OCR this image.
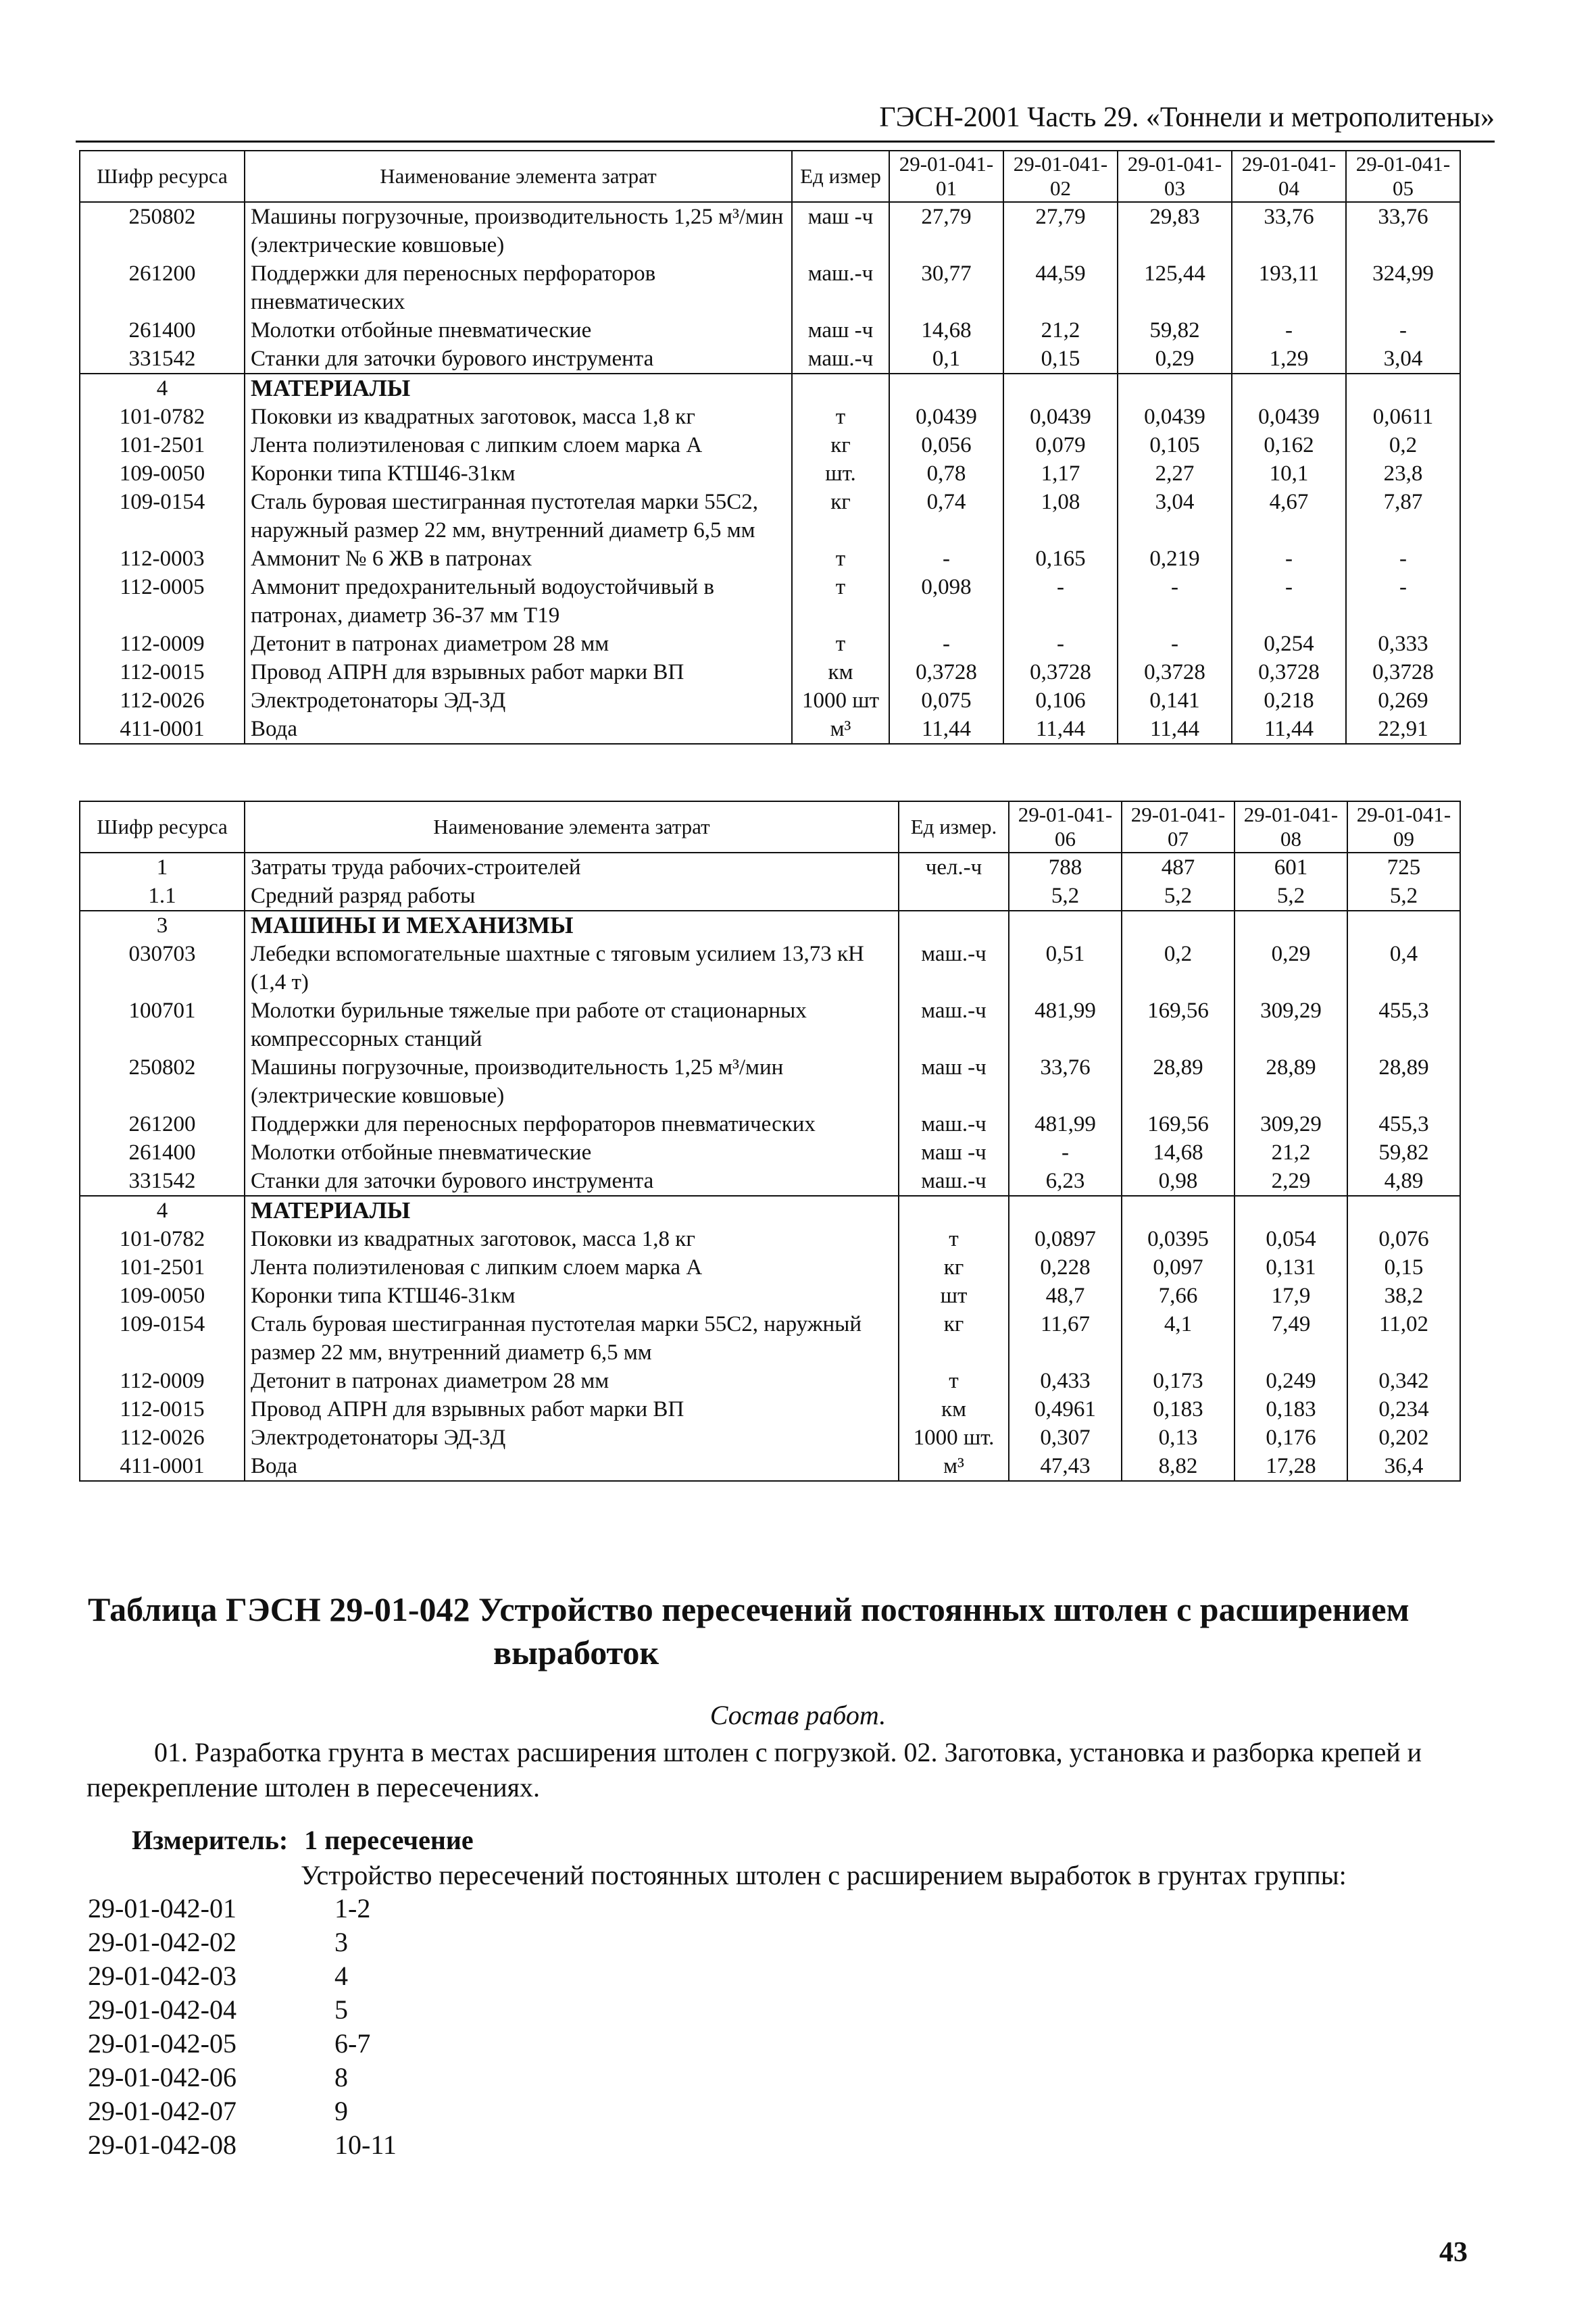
ГЭСН-2001 Часть 29. «Тоннели и метрополитены»
Шифр ресурса	Наименование элемента затрат	Ед измер	29-01-041-01	29-01-041-02	29-01-041-03	29-01-041-04	29-01-041-05
250802	Машины погрузочные, производительность 1,25 м³/мин (электрические ковшовые)	маш -ч	27,79	27,79	29,83	33,76	33,76
261200	Поддержки для переносных перфораторов пневматических	маш.-ч	30,77	44,59	125,44	193,11	324,99
261400	Молотки отбойные пневматические	маш -ч	14,68	21,2	59,82	-	-
331542	Станки для заточки бурового инструмента	маш.-ч	0,1	0,15	0,29	1,29	3,04
4	МАТЕРИАЛЫ						
101-0782	Поковки из квадратных заготовок, масса 1,8 кг	т	0,0439	0,0439	0,0439	0,0439	0,0611
101-2501	Лента полиэтиленовая с липким слоем марка А	кг	0,056	0,079	0,105	0,162	0,2
109-0050	Коронки типа КТШ46-31км	шт.	0,78	1,17	2,27	10,1	23,8
109-0154	Сталь буровая шестигранная пустотелая марки 55С2, наружный размер 22 мм, внутренний диаметр 6,5 мм	кг	0,74	1,08	3,04	4,67	7,87
112-0003	Аммонит № 6 ЖВ в патронах	т	-	0,165	0,219	-	-
112-0005	Аммонит предохранительный водоустойчивый в патронах, диаметр 36-37 мм Т19	т	0,098	-	-	-	-
112-0009	Детонит в патронах диаметром 28 мм	т	-	-	-	0,254	0,333
112-0015	Провод АПРН для взрывных работ марки ВП	км	0,3728	0,3728	0,3728	0,3728	0,3728
112-0026	Электродетонаторы ЭД-3Д	1000 шт	0,075	0,106	0,141	0,218	0,269
411-0001	Вода	м³	11,44	11,44	11,44	11,44	22,91
Шифр ресурса	Наименование элемента затрат	Ед измер.	29-01-041-06	29-01-041-07	29-01-041-08	29-01-041-09
1	Затраты труда рабочих-строителей	чел.-ч	788	487	601	725
1.1	Средний разряд работы		5,2	5,2	5,2	5,2
3	МАШИНЫ И МЕХАНИЗМЫ					
030703	Лебедки вспомогательные шахтные с тяговым усилием 13,73 кН (1,4 т)	маш.-ч	0,51	0,2	0,29	0,4
100701	Молотки бурильные тяжелые при работе от стационарных компрессорных станций	маш.-ч	481,99	169,56	309,29	455,3
250802	Машины погрузочные, производительность 1,25 м³/мин (электрические ковшовые)	маш -ч	33,76	28,89	28,89	28,89
261200	Поддержки для переносных перфораторов пневматических	маш.-ч	481,99	169,56	309,29	455,3
261400	Молотки отбойные пневматические	маш -ч	-	14,68	21,2	59,82
331542	Станки для заточки бурового инструмента	маш.-ч	6,23	0,98	2,29	4,89
4	МАТЕРИАЛЫ					
101-0782	Поковки из квадратных заготовок, масса 1,8 кг	т	0,0897	0,0395	0,054	0,076
101-2501	Лента полиэтиленовая с липким слоем марка А	кг	0,228	0,097	0,131	0,15
109-0050	Коронки типа КТШ46-31км	шт	48,7	7,66	17,9	38,2
109-0154	Сталь буровая шестигранная пустотелая марки 55С2, наружный размер 22 мм, внутренний диаметр 6,5 мм	кг	11,67	4,1	7,49	11,02
112-0009	Детонит в патронах диаметром 28 мм	т	0,433	0,173	0,249	0,342
112-0015	Провод АПРН для взрывных работ марки ВП	км	0,4961	0,183	0,183	0,234
112-0026	Электродетонаторы ЭД-3Д	1000 шт.	0,307	0,13	0,176	0,202
411-0001	Вода	м³	47,43	8,82	17,28	36,4
Таблица ГЭСН 29-01-042 Устройство пересечений постоянных штолен с расширением
выработок
Состав работ.
01. Разработка грунта в местах расширения штолен с погрузкой. 02. Заготовка, установка и разборка крепей и перекрепление штолен в пересечениях.
Измеритель: 1 пересечение
Устройство пересечений постоянных штолен с расширением выработок в грунтах группы:
29-01-042-01	1-2
29-01-042-02	3
29-01-042-03	4
29-01-042-04	5
29-01-042-05	6-7
29-01-042-06	8
29-01-042-07	9
29-01-042-08	10-11
43
